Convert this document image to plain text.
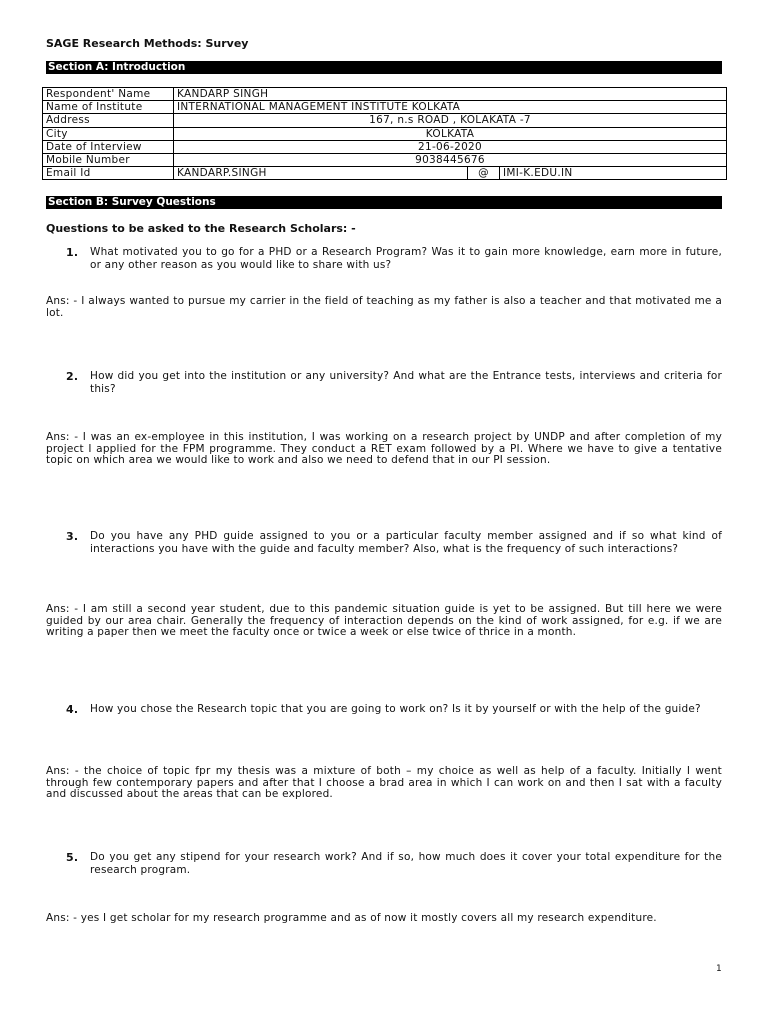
SAGE Research Methods: Survey
Section A: Introduction
Respondent' Name	KANDARP SINGH		
Name of Institute	INTERNATIONAL MANAGEMENT INSTITUTE KOLKATA		
Address	167, n.s ROAD , KOLAKATA -7		
City	KOLKATA		
Date of Interview	21-06-2020		
Mobile Number	9038445676		
Email Id	KANDARP.SINGH	@	IMI-K.EDU.IN
Section B: Survey Questions
Questions to be asked to the Research Scholars: -
1. What motivated you to go for a PHD or a Research Program? Was it to gain more knowledge, earn more in future, or any other reason as you would like to share with us?
Ans: - I always wanted to pursue my carrier in the field of teaching as my father is also a teacher and that motivated me a lot.
2. How did you get into the institution or any university? And what are the Entrance tests, interviews and criteria for this?
Ans: - I was an ex-employee in this institution, I was working on a research project by UNDP and after completion of my project I applied for the FPM programme. They conduct a RET exam followed by a PI. Where we have to give a tentative topic on which area we would like to work and also we need to defend that in our PI session.
3. Do you have any PHD guide assigned to you or a particular faculty member assigned and if so what kind of interactions you have with the guide and faculty member? Also, what is the frequency of such interactions?
Ans: - I am still a second year student, due to this pandemic situation guide is yet to be assigned. But till here we were guided by our area chair. Generally the frequency of interaction depends on the kind of work assigned, for e.g. if we are writing a paper then we meet the faculty once or twice a week or else twice of thrice in a month.
4. How you chose the Research topic that you are going to work on? Is it by yourself or with the help of the guide?
Ans: - the choice of topic fpr my thesis was a mixture of both – my choice as well as help of a faculty. Initially I went through few contemporary papers and after that I choose a brad area in which I can work on and then I sat with a faculty and discussed about the areas that can be explored.
5. Do you get any stipend for your research work? And if so, how much does it cover your total expenditure for the research program.
Ans: - yes I get scholar for my research programme and as of now it mostly covers all my research expenditure.
1
